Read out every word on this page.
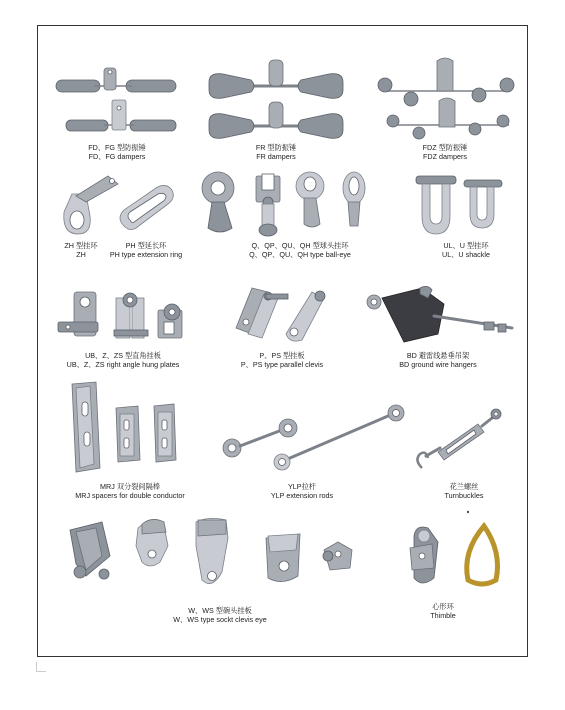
FD、FG 型防振锤
FD、FG dampers
FR 型防振锤
FR dampers
FDZ 型防振锤
FDZ dampers
ZH 型挂环
ZH
PH 型延长环
PH type extension ring
Q、QP、QU、QH 型球头挂环
Q、QP、QU、QH type ball-eye
UL、U 型挂环
UL、U shackle
UB、Z、ZS 型直角挂板
UB、Z、ZS right angle hung plates
P、PS 型挂板
P、PS type parallel clevis
BD 避雷线悬垂吊架
BD ground wire hangers
MRJ 双分裂间隔棒
MRJ spacers for double conductor
YLP拉杆
YLP extension rods
花兰螺丝
Turnbuckles
W、WS 型碗头挂板
W、WS type sockt clevis eye
心形环
Thimble
